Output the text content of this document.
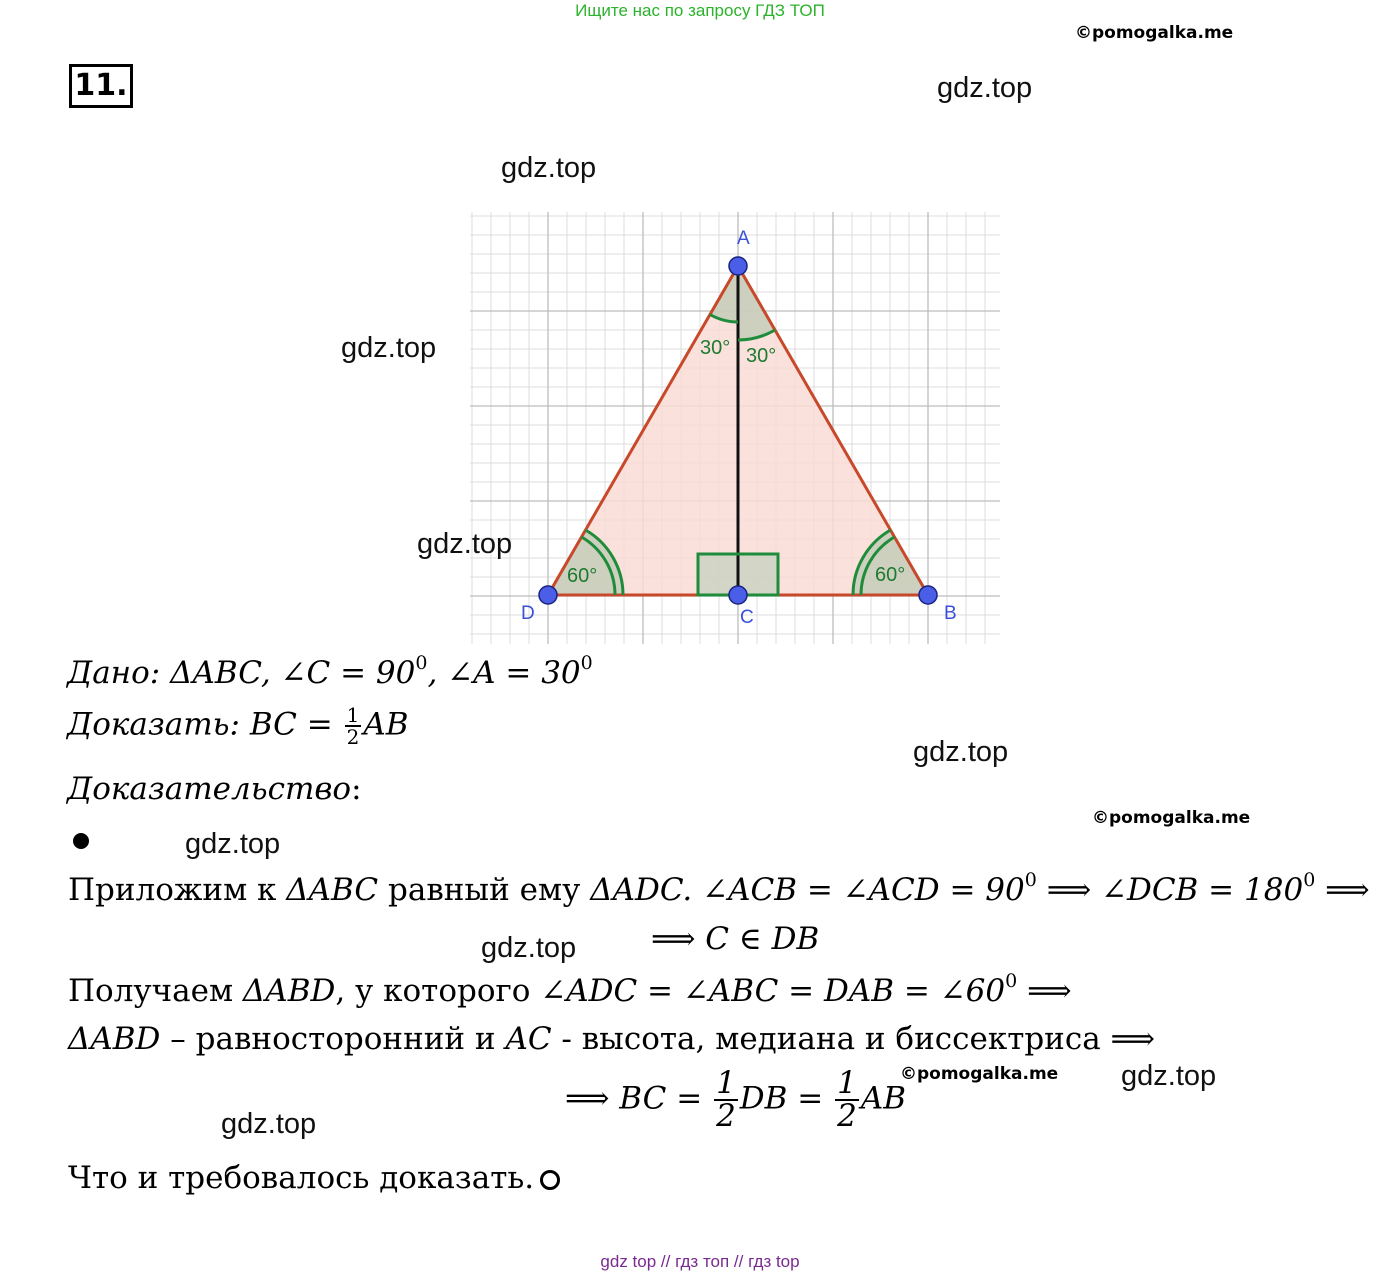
Ищите нас по запросу ГДЗ ТОП
©pomogalka.me
11.
30° 30°
60°	60°
A
D	C	B
gdz.top
gdz.top
gdz.top
gdz.top
gdz.top
©pomogalka.me
gdz.top
gdz.top
©pomogalka.me gdz.top
gdz.top
Дано: ΔABC, ∠C = $90^0$, ∠A = $30^0$
Доказать: BC = $\frac{1}{2}$ AB
Доказательство:
Приложим к ΔABC равный ему ΔADC. ∠ACB = ∠ACD = $90^0$ ⟹ ∠DCB = $180^0$ ⟹
⟹ C ∈ DB
Получаем ΔABD, у которого ∠ADC = ∠ABC = DAB = $\angle 60^0$ ⟹
ΔABD – равносторонний и AC - высота, медиана и биссектриса ⟹
⟹ BC = $\frac{1}{2}$ DB = $\frac{1}{2}$ AB
Что и требовалось доказать.
gdz top // гдз топ // гдз top
